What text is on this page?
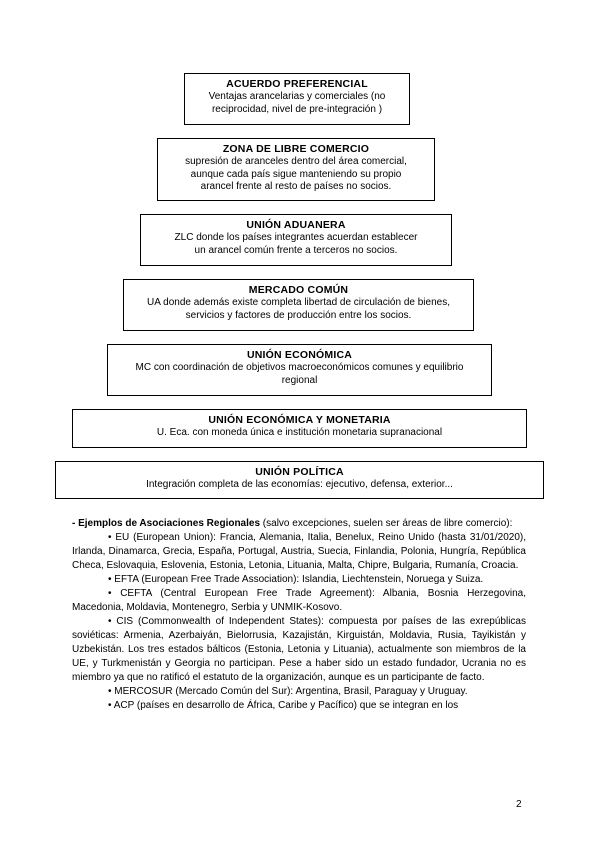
ACUERDO PREFERENCIAL
Ventajas arancelarias y comerciales (no
reciprocidad, nivel de pre-integración )
ZONA DE LIBRE COMERCIO
supresión de aranceles dentro del área comercial,
aunque cada país sigue manteniendo su propio
arancel frente al resto de países no socios.
UNIÓN ADUANERA
ZLC donde los países integrantes acuerdan establecer
un arancel común frente a terceros no socios.
MERCADO COMÚN
UA donde además existe completa libertad de circulación de bienes,
servicios y factores de producción entre los socios.
UNIÓN ECONÓMICA
MC con coordinación de objetivos macroeconómicos comunes y equilibrio
regional
UNIÓN ECONÓMICA Y MONETARIA
U. Eca. con moneda única e institución monetaria supranacional
UNIÓN POLÍTICA
Integración completa de las economías: ejecutivo, defensa, exterior...

- Ejemplos de Asociaciones Regionales (salvo excepciones, suelen ser áreas de libre comercio):

• EU (European Union): Francia, Alemania, Italia, Benelux, Reino Unido (hasta 31/01/2020), Irlanda, Dinamarca, Grecia, España, Portugal, Austria, Suecia, Finlandia, Polonia, Hungría, República Checa, Eslovaquia, Eslovenia, Estonia, Letonia, Lituania, Malta, Chipre, Bulgaria, Rumanía, Croacia.

• EFTA (European Free Trade Association): Islandia, Liechtenstein, Noruega y Suiza.

• CEFTA (Central European Free Trade Agreement): Albania, Bosnia Herzegovina, Macedonia, Moldavia, Montenegro, Serbia y UNMIK-Kosovo.

• CIS (Commonwealth of Independent States): compuesta por países de las exrepúblicas soviéticas: Armenia, Azerbaiyán, Bielorrusia, Kazajistán, Kirguistán, Moldavia, Rusia, Tayikistán y Uzbekistán. Los tres estados bálticos (Estonia, Letonia y Lituania), actualmente son miembros de la UE, y Turkmenistán y Georgia no participan. Pese a haber sido un estado fundador, Ucrania no es miembro ya que no ratificó el estatuto de la organización, aunque es un participante de facto.

• MERCOSUR (Mercado Común del Sur): Argentina, Brasil, Paraguay y Uruguay.

• ACP (países en desarrollo de África, Caribe y Pacífico) que se integran en los

2
